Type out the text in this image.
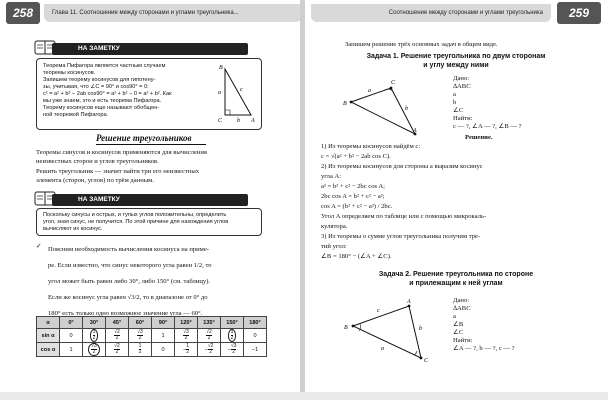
258	Глава 11. Соотношение между сторонами и углами треугольника...
НА ЗАМЕТКУ
Теорема Пифагора является частным случаем
теоремы косинусов.
Запишем теорему косинусов для гипотену-
зы, учитывая, что ∠C = 90° и cos90° = 0:
c² = a² + b² − 2ab cos90° = a² + b² − 0 = a² + b². Как
мы уже знаем, это и есть теорема Пифагора.
Теорему косинусов еще называют обобщен-
ной теоремой Пифагора.
B
C	A
a
b
c
Решение треугольников
Теоремы синусов и косинусов применяются для вычисления
неизвестных сторон и углов треугольников.
Решить треугольник — значит найти три его неизвестных
элемента (сторон, углов) по трём данным.
НА ЗАМЕТКУ
Поскольку синусы и острых, и тупых углов положительны, определить
угол, зная синус, не получится. По этой причине для нахождения углов
вычисляют их косинус.
✓ Поясним необходимость вычисления косинуса на приме-
ре. Если известно, что синус некоторого угла равен 1/2, то
угол может быть равен либо 30°, либо 150° (см. таблицу).
Если же косинус угла равен √3/2, то в диапазоне от 0° до
180° есть только одно возможное значение угла — 60°.
α	0°	30°	45°	60°	90°	120°	135°	150°	180°
sin α	0	$\frac{1}{2}$	$\frac{√2}{2}$	$\frac{√3}{2}$	1	$\frac{√3}{2}$	$\frac{√2}{2}$	$\frac{1}{2}$	0
cos α	1	$\frac{√3}{2}$	$\frac{√2}{2}$	$\frac{1}{2}$	0	− $\frac{1}{2}$	− $\frac{√2}{2}$	− $\frac{√3}{2}$	−1
Соотношение между сторонами и углами треугольника	259
Запишем решение трёх основных задач в общем виде.
Задача 1. Решение треугольника по двум сторонам
и углу между ними
B
C
A
a
b
Дано:
∆ABC
a
b
∠C
Найти:
c — ?, ∠A — ?, ∠B — ?
Решение.
1) Из теоремы косинусов найдём c:
c = √(a² + b² − 2ab cos C).
2) Из теоремы косинусов для стороны a выразим косинус
угла A:
a² = b² + c² − 2bc cos A;
2bc cos A = b² + c² − a²;
cos A = (b² + c² − a²) / 2bc.
Угол A определяем по таблице или с помощью микрокаль-
кулятора.
3) Из теоремы о сумме углов треугольника получим тре-
тий угол:
∠B = 180° − (∠A + ∠C).
Задача 2. Решение треугольника по стороне
и прилежащим к ней углам
B
A
C
c
a
b
Дано:
∆ABC
a
∠B
∠C
Найти:
∠A — ?, b — ?, c — ?
